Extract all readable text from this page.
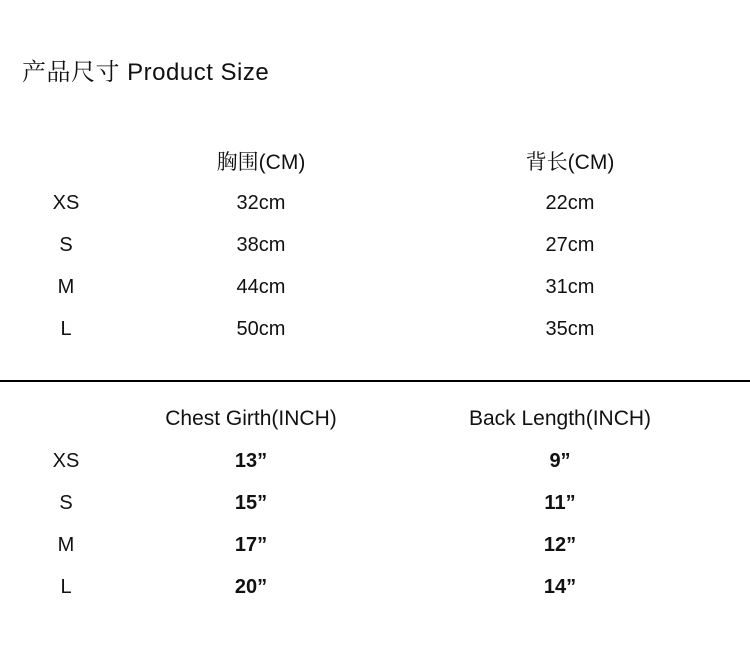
产品尺寸 Product Size
	胸围(CM)	背长(CM)
XS	32cm	22cm
S	38cm	27cm
M	44cm	31cm
L	50cm	35cm
	Chest Girth(INCH)	Back Length(INCH)
XS	13”	9”
S	15”	11”
M	17”	12”
L	20”	14”
